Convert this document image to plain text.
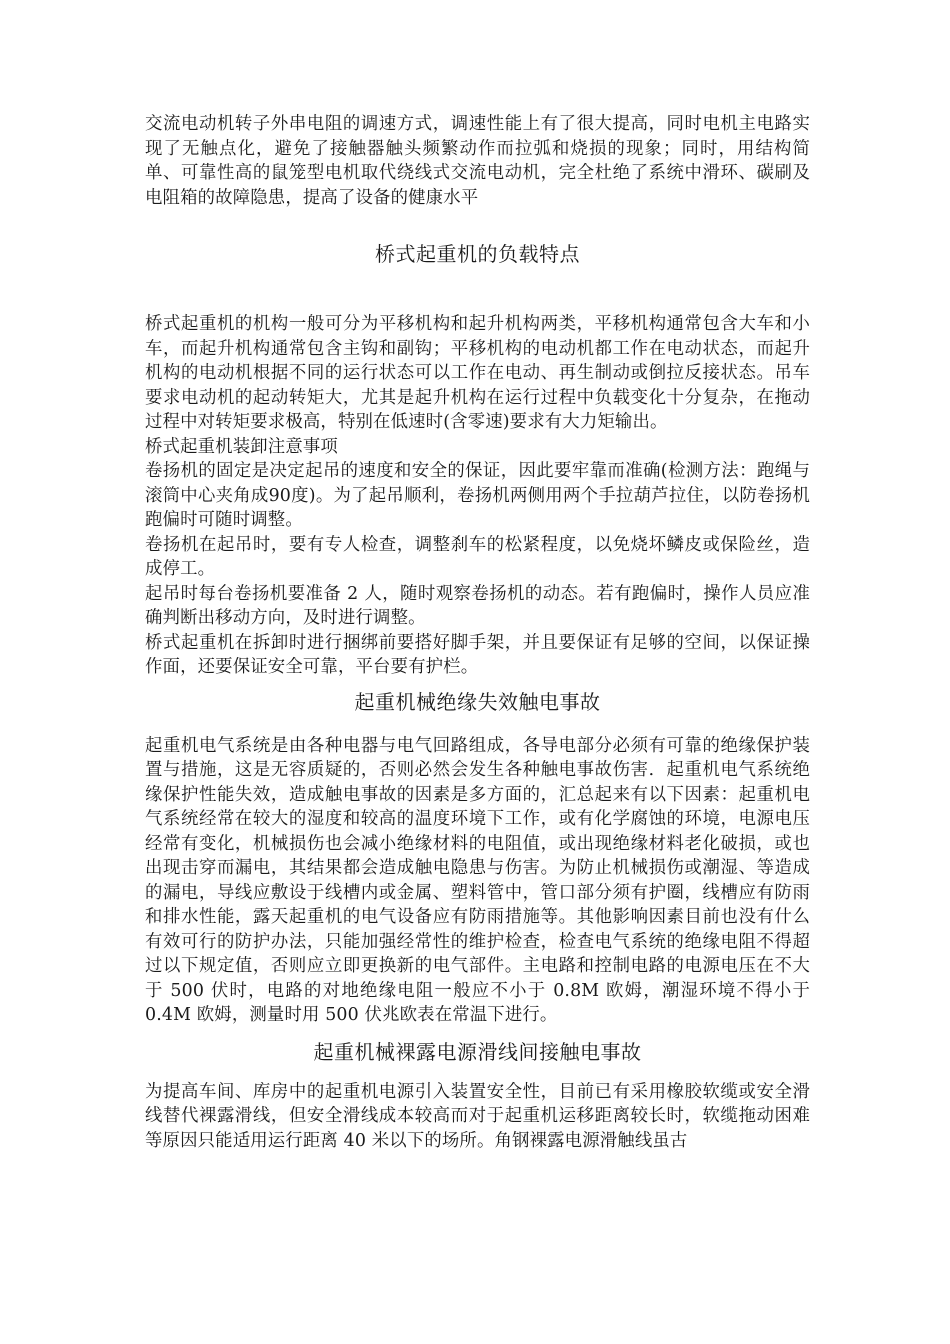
交流电动机转子外串电阻的调速方式，调速性能上有了很大提高，同时电机主电路实现了无触点化，避免了接触器触头频繁动作而拉弧和烧损的现象；同时，用结构简单、可靠性高的鼠笼型电机取代绕线式交流电动机，完全杜绝了系统中滑环、碳刷及电阻箱的故障隐患，提高了设备的健康水平

桥式起重机的负载特点

桥式起重机的机构一般可分为平移机构和起升机构两类，平移机构通常包含大车和小车，而起升机构通常包含主钩和副钩；平移机构的电动机都工作在电动状态，而起升机构的电动机根据不同的运行状态可以工作在电动、再生制动或倒拉反接状态。吊车要求电动机的起动转矩大，尤其是起升机构在运行过程中负载变化十分复杂，在拖动过程中对转矩要求极高，特别在低速时(含零速)要求有大力矩输出。

桥式起重机装卸注意事项

卷扬机的固定是决定起吊的速度和安全的保证，因此要牢靠而准确(检测方法：跑绳与滚筒中心夹角成90度)。为了起吊顺利，卷扬机两侧用两个手拉葫芦拉住，以防卷扬机跑偏时可随时调整。

卷扬机在起吊时，要有专人检查，调整刹车的松紧程度，以免烧坏鳞皮或保险丝，造成停工。

起吊时每台卷扬机要准备 2 人，随时观察卷扬机的动态。若有跑偏时，操作人员应准确判断出移动方向，及时进行调整。

桥式起重机在拆卸时进行捆绑前要搭好脚手架，并且要保证有足够的空间，以保证操作面，还要保证安全可靠，平台要有护栏。

起重机械绝缘失效触电事故

起重机电气系统是由各种电器与电气回路组成，各导电部分必须有可靠的绝缘保护装置与措施，这是无容质疑的，否则必然会发生各种触电事故伤害．起重机电气系统绝缘保护性能失效，造成触电事故的因素是多方面的，汇总起来有以下因素：起重机电气系统经常在较大的湿度和较高的温度环境下工作，或有化学腐蚀的环境，电源电压经常有变化，机械损伤也会减小绝缘材料的电阻值，或出现绝缘材料老化破损，或也出现击穿而漏电，其结果都会造成触电隐患与伤害。为防止机械损伤或潮湿、等造成的漏电，导线应敷设于线槽内或金属、塑料管中，管口部分须有护圈，线槽应有防雨和排水性能，露天起重机的电气设备应有防雨措施等。其他影响因素目前也没有什么有效可行的防护办法，只能加强经常性的维护检查，检查电气系统的绝缘电阻不得超过以下规定值，否则应立即更换新的电气部件。主电路和控制电路的电源电压在不大于 500 伏时，电路的对地绝缘电阻一般应不小于 0.8M 欧姆，潮湿环境不得小于 0.4M 欧姆，测量时用 500 伏兆欧表在常温下进行。

起重机械裸露电源滑线间接触电事故

为提高车间、库房中的起重机电源引入装置安全性，目前已有采用橡胶软缆或安全滑线替代裸露滑线，但安全滑线成本较高而对于起重机运移距离较长时，软缆拖动困难等原因只能适用运行距离 40 米以下的场所。角钢裸露电源滑触线虽古
